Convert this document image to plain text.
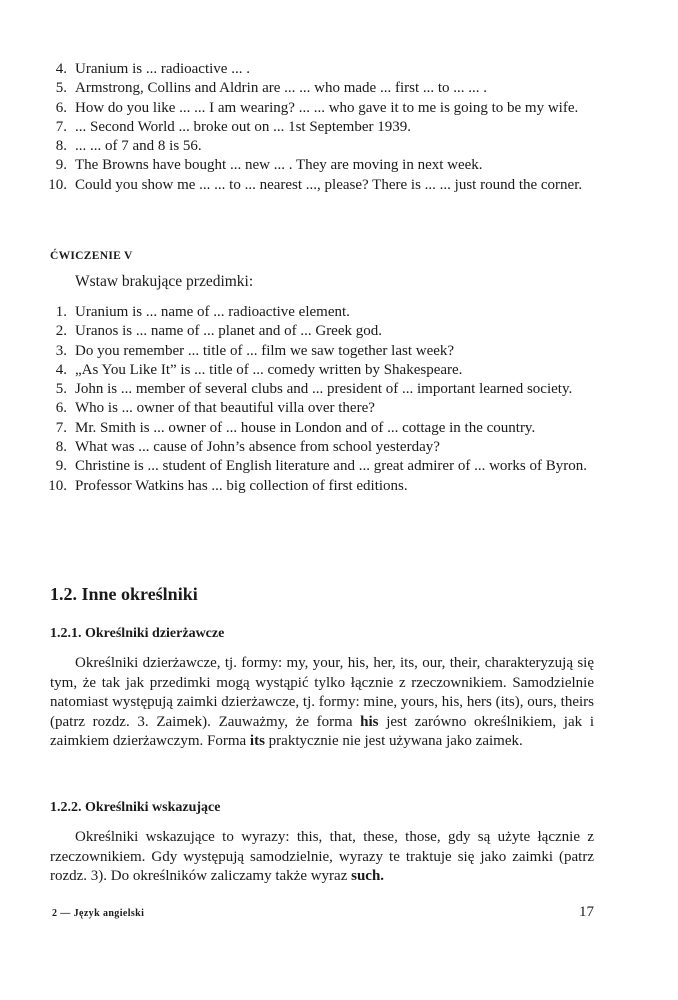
4. Uranium is ... radioactive ... .
5. Armstrong, Collins and Aldrin are ... ... who made ... first ... to ... ... .
6. How do you like ... ... I am wearing? ... ... who gave it to me is going to be my wife.
7. ... Second World ... broke out on ... 1st September 1939.
8. ... ... of 7 and 8 is 56.
9. The Browns have bought ... new ... . They are moving in next week.
10. Could you show me ... ... to ... nearest ..., please? There is ... ... just round the corner.
ĆWICZENIE V
Wstaw brakujące przedimki:
1. Uranium is ... name of ... radioactive element.
2. Uranos is ... name of ... planet and of ... Greek god.
3. Do you remember ... title of ... film we saw together last week?
4. „As You Like It” is ... title of ... comedy written by Shakespeare.
5. John is ... member of several clubs and ... president of ... important learned society.
6. Who is ... owner of that beautiful villa over there?
7. Mr. Smith is ... owner of ... house in London and of ... cottage in the country.
8. What was ... cause of John’s absence from school yesterday?
9. Christine is ... student of English literature and ... great admirer of ... works of Byron.
10. Professor Watkins has ... big collection of first editions.
1.2. Inne określniki
1.2.1. Określniki dzierżawcze

Określniki dzierżawcze, tj. formy: my, your, his, her, its, our, their, charakteryzują się tym, że tak jak przedimki mogą wystąpić tylko łącznie z rzeczownikiem. Samodzielnie natomiast występują zaimki dzierżawcze, tj. formy: mine, yours, his, hers (its), ours, theirs (patrz rozdz. 3. Zaimek). Zauważmy, że forma his jest zarówno określnikiem, jak i zaimkiem dzierżawczym. Forma its praktycznie nie jest używana jako zaimek.

1.2.2. Określniki wskazujące

Określniki wskazujące to wyrazy: this, that, these, those, gdy są użyte łącznie z rzeczownikiem. Gdy występują samodzielnie, wyrazy te traktuje się jako zaimki (patrz rozdz. 3). Do określników zaliczamy także wyraz such.

2 — Język angielski	17
